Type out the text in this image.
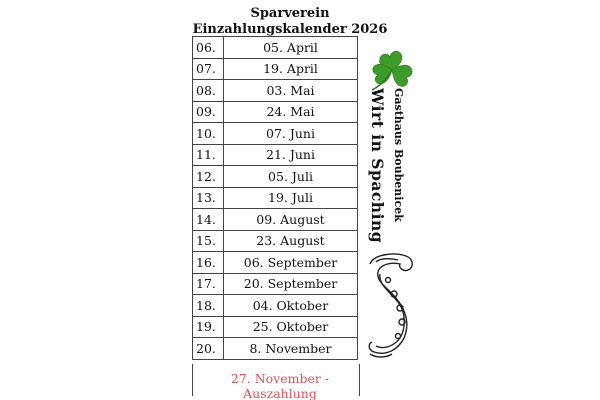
Sparverein
Einzahlungskalender 2026
06.	05. April
07.	19. April
08.	03. Mai
09.	24. Mai
10.	07. Juni
11.	21. Juni
12.	05. Juli
13.	19. Juli
14.	09. August
15.	23. August
16.	06. September
17.	20. September
18.	04. Oktober
19.	25. Oktober
20.	8. November
27. November - Auszahlung
Wirt in Spaching Gasthaus Boubenicek
